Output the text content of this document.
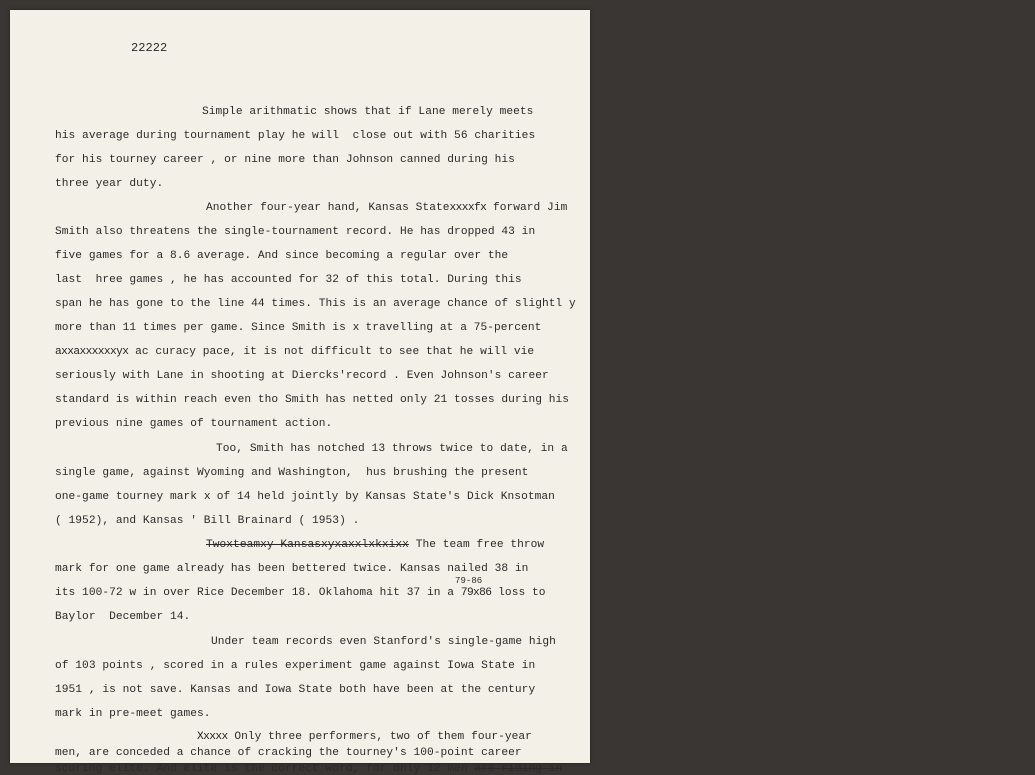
22222
Simple arithmatic shows that if Lane merely meets
his average during tournament play he will  close out with 56 charities
for his tourney career , or nine more than Johnson canned during his
three year duty.
Another four-year hand, Kansas Statexxxxfx forward Jim
Smith also threatens the single-tournament record. He has dropped 43 in
five games for a 8.6 average. And since becoming a regular over the
last  hree games , he has accounted for 32 of this total. During this
span he has gone to the line 44 times. This is an average chance of slightl y
more than 11 times per game. Since Smith is x travelling at a 75-percent
axxaxxxxxxyx ac curacy pace, it is not difficult to see that he will vie
seriously with Lane in shooting at Diercks'record . Even Johnson's career
standard is within reach even tho Smith has netted only 21 tosses during his
previous nine games of tournament action.
Too, Smith has notched 13 throws twice to date, in a
single game, against Wyoming and Washington,  hus brushing the present
one-game tourney mark x of 14 held jointly by Kansas State's Dick Knsotman
( 1952), and Kansas ' Bill Brainard ( 1953) .
Twoxteamxy Kansasxyxaxxlxkxixx The team free throw
mark for one game already has been bettered twice. Kansas nailed 38 in
its 100-72 w in over Rice December 18. Oklahoma hit 37 in a 79x86 loss to
79-86
Baylor  December 14.
Under team records even Stanford's single-game high
of 103 points , scored in a rules experiment game against Iowa State in
1951 , is not save. Kansas and Iowa State both have been at the century
mark in pre-meet games.
Xxxxx Only three performers, two of them four-year
men, are conceded a chance of cracking the tourney's 100-point career
scoring elite. And elite is the correct word, for only 12 men are riding in
